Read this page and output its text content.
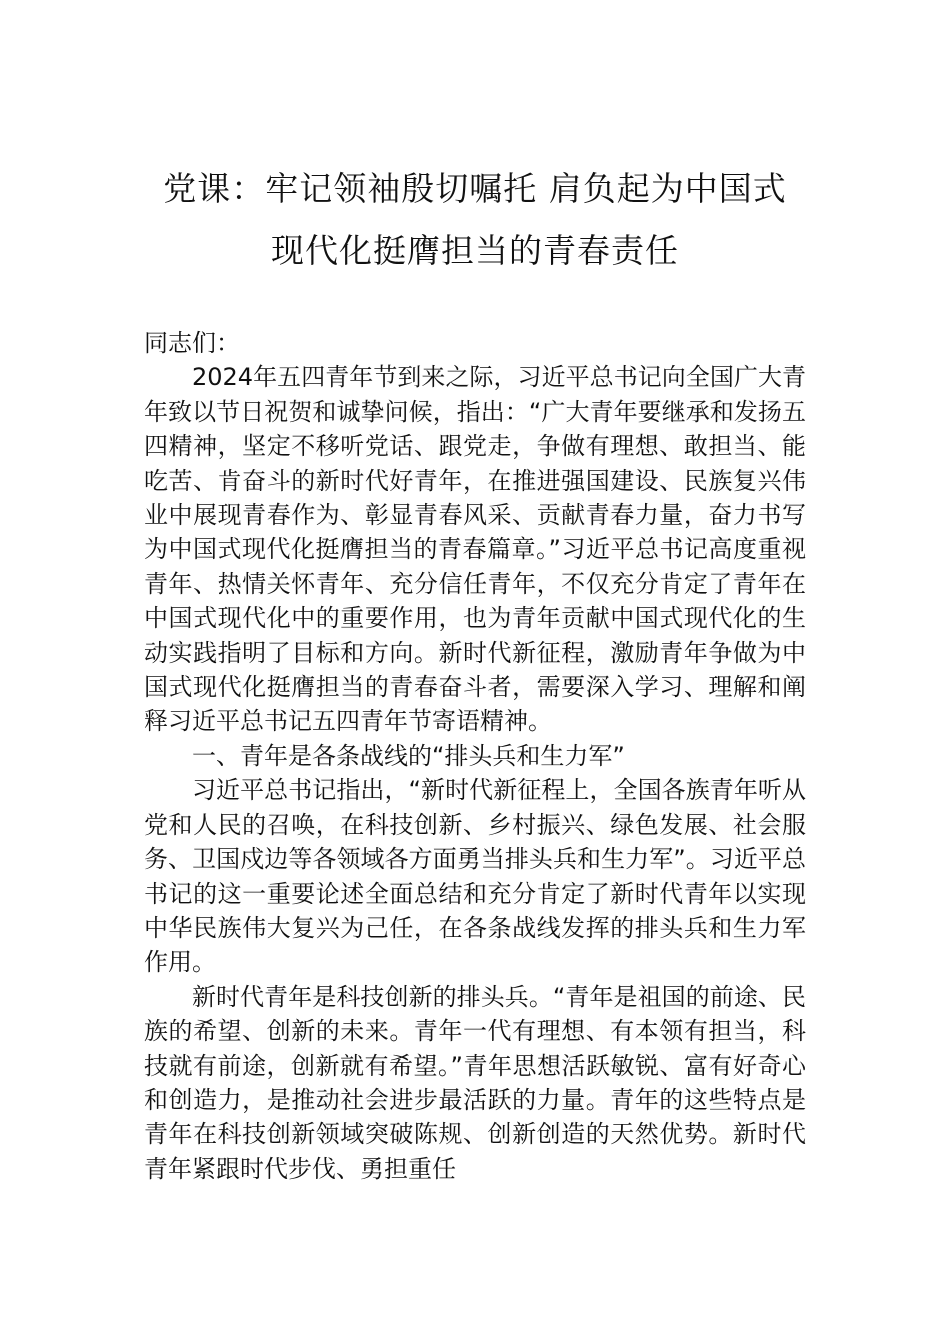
党课：牢记领袖殷切嘱托 肩负起为中国式
现代化挺膺担当的青春责任

同志们：

2024年五四青年节到来之际，习近平总书记向全国广大青年致以节日祝贺和诚挚问候，指出：“广大青年要继承和发扬五四精神，坚定不移听党话、跟党走，争做有理想、敢担当、能吃苦、肯奋斗的新时代好青年，在推进强国建设、民族复兴伟业中展现青春作为、彰显青春风采、贡献青春力量，奋力书写为中国式现代化挺膺担当的青春篇章。”习近平总书记高度重视青年、热情关怀青年、充分信任青年，不仅充分肯定了青年在中国式现代化中的重要作用，也为青年贡献中国式现代化的生动实践指明了目标和方向。新时代新征程，激励青年争做为中国式现代化挺膺担当的青春奋斗者，需要深入学习、理解和阐释习近平总书记五四青年节寄语精神。

一、青年是各条战线的“排头兵和生力军”

习近平总书记指出，“新时代新征程上，全国各族青年听从党和人民的召唤，在科技创新、乡村振兴、绿色发展、社会服务、卫国戍边等各领域各方面勇当排头兵和生力军”。习近平总书记的这一重要论述全面总结和充分肯定了新时代青年以实现中华民族伟大复兴为己任，在各条战线发挥的排头兵和生力军作用。

新时代青年是科技创新的排头兵。“青年是祖国的前途、民族的希望、创新的未来。青年一代有理想、有本领有担当，科技就有前途，创新就有希望。”青年思想活跃敏锐、富有好奇心和创造力，是推动社会进步最活跃的力量。青年的这些特点是青年在科技创新领域突破陈规、创新创造的天然优势。新时代青年紧跟时代步伐、勇担重任
